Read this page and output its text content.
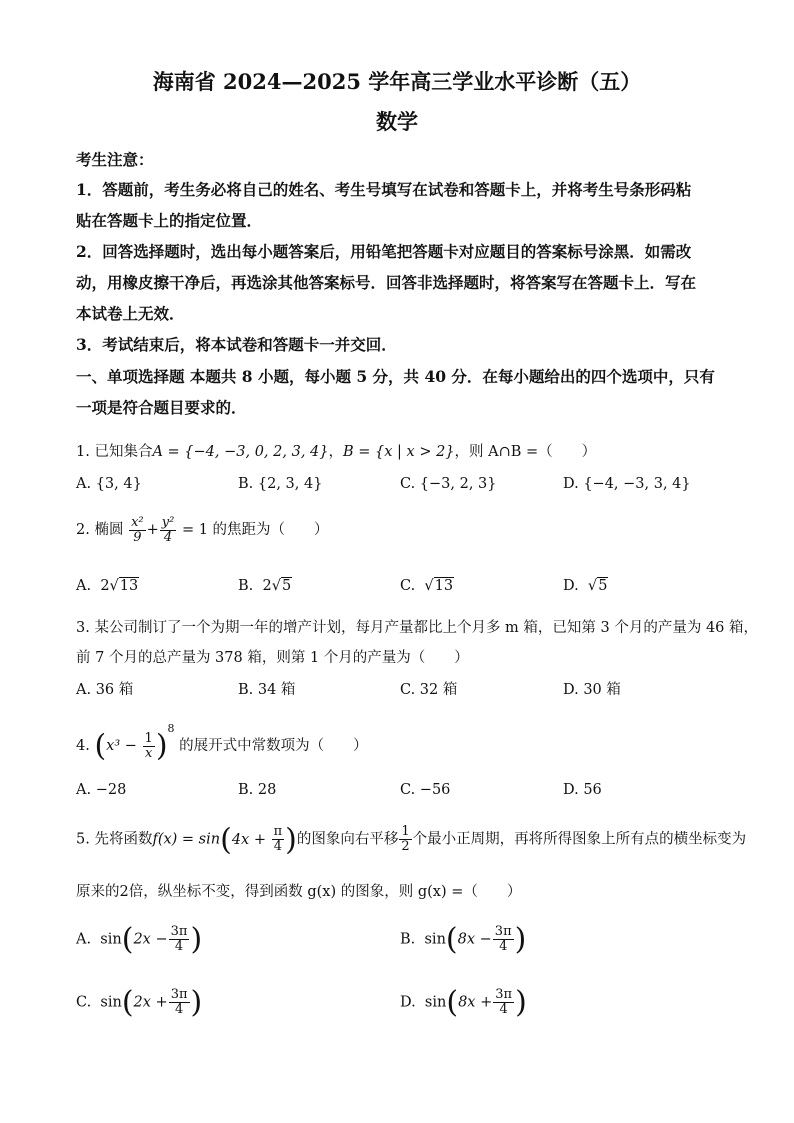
海南省 2024—2025 学年高三学业水平诊断（五）
数学
考生注意：
1．答题前，考生务必将自己的姓名、考生号填写在试卷和答题卡上，并将考生号条形码粘
贴在答题卡上的指定位置．
2．回答选择题时，选出每小题答案后，用铅笔把答题卡对应题目的答案标号涂黑．如需改
动，用橡皮擦干净后，再选涂其他答案标号．回答非选择题时，将答案写在答题卡上．写在
本试卷上无效．
3．考试结束后，将本试卷和答题卡一并交回．
一、单项选择题 本题共 8 小题，每小题 5 分，共 40 分．在每小题给出的四个选项中，只有
一项是符合题目要求的．
1. 已知集合A = {−4, −3, 0, 2, 3, 4}，B = {x | x > 2}，则 A∩B =（　　）
A. {3, 4}	B. {2, 3, 4}	C. {−3, 2, 3}	D. {−4, −3, 3, 4}
2. 椭圆 $\frac{\text{x²}}{9} + \frac{\text{y²}}{4} = 1$ 的焦距为（　　）
A. 2√13	B. 2√5	C.  √13	D.  √5
3. 某公司制订了一个为期一年的增产计划，每月产量都比上个月多 m 箱，已知第 3 个月的产量为 46 箱，
前 7 个月的总产量为 378 箱，则第 1 个月的产量为（　　）
A. 36 箱	B. 34 箱	C. 32 箱	D. 30 箱
4. $(x^3 - \frac{1}{x} )^8$ 的展开式中常数项为（　　）
A. −28	B. 28	C. −56	D. 56
5. 先将函数$f(x) = \sin(4x + \frac{\pi}{4}$ )的图象向右平移 $\frac{1}{2}$ 个最小正周期，再将所得图象上所有点的横坐标变为
原来的2倍，纵坐标不变，得到函数 g(x) 的图象，则 g(x) =（　　）
A.  $\sin(2x - \frac{3\pi}{4}$ )	B.  $\sin(8x - \frac{3\pi}{4}$ )
C.  $\sin(2x + \frac{3\pi}{4}$ )	D.  $\sin(8x + \frac{3\pi}{4}$ )
